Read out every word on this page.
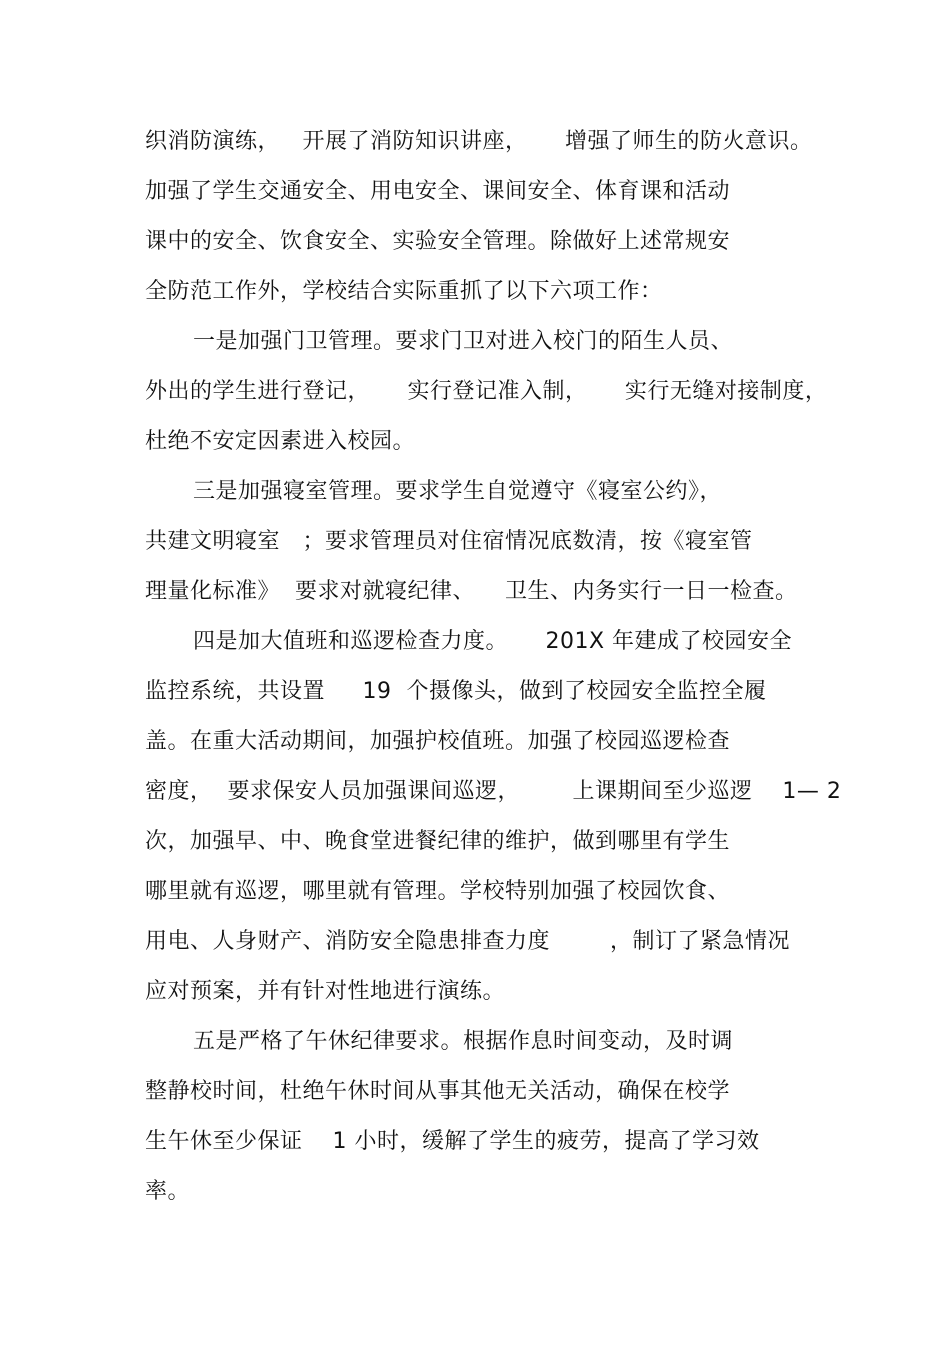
织消防演练，   开展了消防知识讲座，     增强了师生的防火意识。
加强了学生交通安全、用电安全、课间安全、体育课和活动
课中的安全、饮食安全、实验安全管理。除做好上述常规安
全防范工作外，学校结合实际重抓了以下六项工作：
一是加强门卫管理。要求门卫对进入校门的陌生人员、
外出的学生进行登记，     实行登记准入制，     实行无缝对接制度，
杜绝不安定因素进入校园。
三是加强寝室管理。要求学生自觉遵守《寝室公约》，
共建文明寝室   ；要求管理员对住宿情况底数清，按《寝室管
理量化标准》  要求对就寝纪律、    卫生、内务实行一日一检查。
四是加大值班和巡逻检查力度。     201X 年建成了校园安全
监控系统，共设置     19  个摄像头，做到了校园安全监控全履
盖。在重大活动期间，加强护校值班。加强了校园巡逻检查
密度，  要求保安人员加强课间巡逻，       上课期间至少巡逻    1— 2
次，加强早、中、晚食堂进餐纪律的维护，做到哪里有学生
哪里就有巡逻，哪里就有管理。学校特别加强了校园饮食、
用电、人身财产、消防安全隐患排查力度        ，制订了紧急情况
应对预案，并有针对性地进行演练。
五是严格了午休纪律要求。根据作息时间变动，及时调
整静校时间，杜绝午休时间从事其他无关活动，确保在校学
生午休至少保证    1 小时，缓解了学生的疲劳，提高了学习效
率。
